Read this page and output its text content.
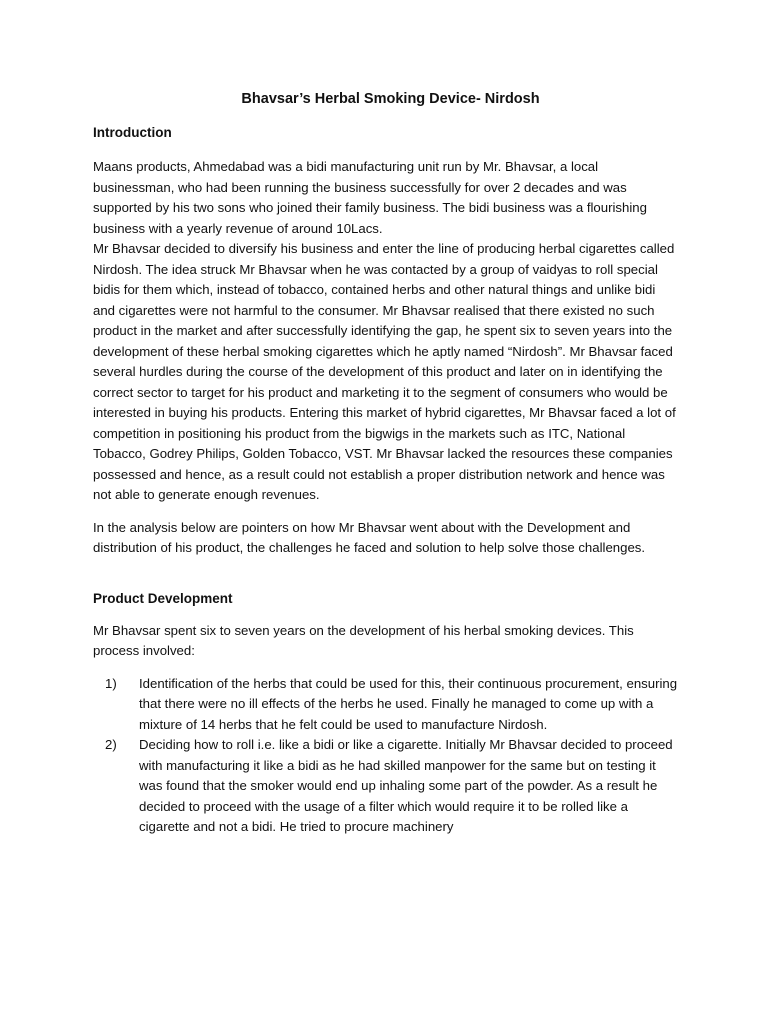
Bhavsar’s Herbal Smoking Device- Nirdosh
Introduction

Maans products, Ahmedabad was a bidi manufacturing unit run by Mr. Bhavsar, a local businessman, who had been running the business successfully for over 2 decades and was supported by his two sons who joined their family business. The bidi business was a flourishing business with a yearly revenue of around 10Lacs.

Mr Bhavsar decided to diversify his business and enter the line of producing herbal cigarettes called Nirdosh. The idea struck Mr Bhavsar when he was contacted by a group of vaidyas to roll special bidis for them which, instead of tobacco, contained herbs and other natural things and unlike bidi and cigarettes were not harmful to the consumer. Mr Bhavsar realised that there existed no such product in the market and after successfully identifying the gap, he spent six to seven years into the development of these herbal smoking cigarettes which he aptly named “Nirdosh”. Mr Bhavsar faced several hurdles during the course of the development of this product and later on in identifying the correct sector to target for his product and marketing it to the segment of consumers who would be interested in buying his products. Entering this market of hybrid cigarettes, Mr Bhavsar faced a lot of competition in positioning his product from the bigwigs in the markets such as ITC, National Tobacco, Godrey Philips, Golden Tobacco, VST. Mr Bhavsar lacked the resources these companies possessed and hence, as a result could not establish a proper distribution network and hence was not able to generate enough revenues.

In the analysis below are pointers on how Mr Bhavsar went about with the Development and distribution of his product, the challenges he faced and solution to help solve those challenges.

Product Development

Mr Bhavsar spent six to seven years on the development of his herbal smoking devices. This process involved:

1) Identification of the herbs that could be used for this, their continuous procurement, ensuring that there were no ill effects of the herbs he used. Finally he managed to come up with a mixture of 14 herbs that he felt could be used to manufacture Nirdosh.
2) Deciding how to roll i.e. like a bidi or like a cigarette. Initially Mr Bhavsar decided to proceed with manufacturing it like a bidi as he had skilled manpower for the same but on testing it was found that the smoker would end up inhaling some part of the powder. As a result he decided to proceed with the usage of a filter which would require it to be rolled like a cigarette and not a bidi. He tried to procure machinery
